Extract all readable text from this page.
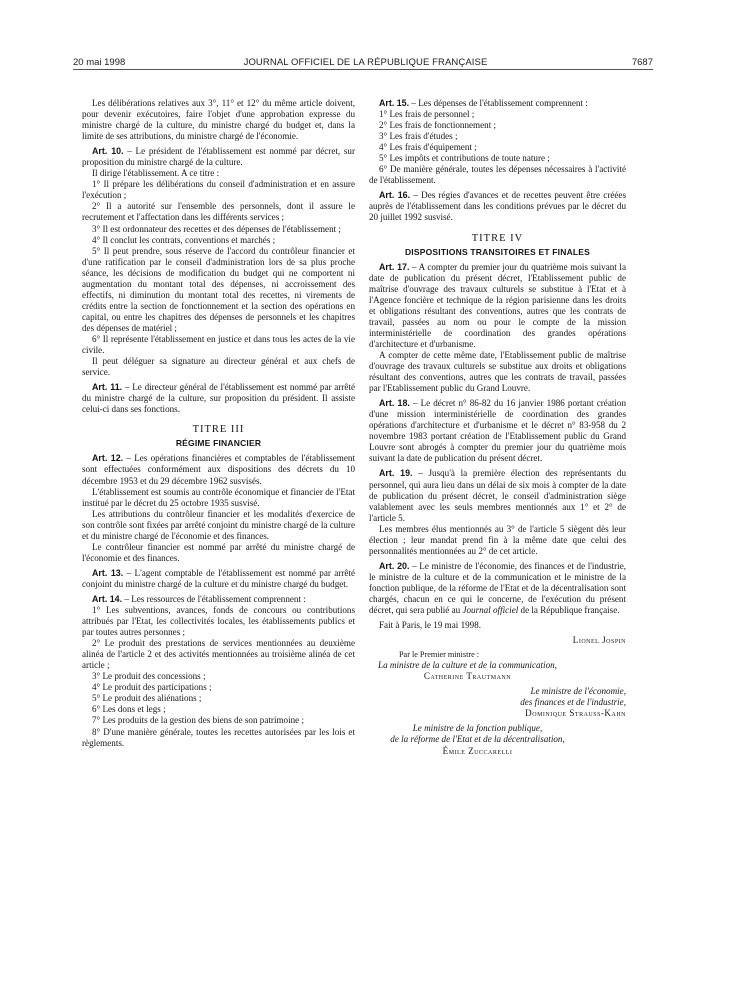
20 mai 1998	JOURNAL OFFICIEL DE LA RÉPUBLIQUE FRANÇAISE	7687

Les délibérations relatives aux 3°, 11° et 12° du même article doivent, pour devenir exécutoires, faire l'objet d'une approbation expresse du ministre chargé de la culture, du ministre chargé du budget et, dans la limite de ses attributions, du ministre chargé de l'économie.

Art. 10. – Le président de l'établissement est nommé par décret, sur proposition du ministre chargé de la culture.

Il dirige l'établissement. A ce titre :

1° Il prépare les délibérations du conseil d'administration et en assure l'exécution ;

2° Il a autorité sur l'ensemble des personnels, dont il assure le recrutement et l'affectation dans les différents services ;

3° Il est ordonnateur des recettes et des dépenses de l'établissement ;

4° Il conclut les contrats, conventions et marchés ;

5° Il peut prendre, sous réserve de l'accord du contrôleur financier et d'une ratification par le conseil d'administration lors de sa plus proche séance, les décisions de modification du budget qui ne comportent ni augmentation du montant total des dépenses, ni accroissement des effectifs, ni diminution du montant total des recettes, ni virements de crédits entre la section de fonctionnement et la section des opérations en capital, ou entre les chapitres des dépenses de personnels et les chapitres des dépenses de matériel ;

6° Il représente l'établissement en justice et dans tous les actes de la vie civile.

Il peut déléguer sa signature au directeur général et aux chefs de service.

Art. 11. – Le directeur général de l'établissement est nommé par arrêté du ministre chargé de la culture, sur proposition du président. Il assiste celui-ci dans ses fonctions.

TITRE III
RÉGIME FINANCIER

Art. 12. – Les opérations financières et comptables de l'établissement sont effectuées conformément aux dispositions des décrets du 10 décembre 1953 et du 29 décembre 1962 susvisés.

L'établissement est soumis au contrôle économique et financier de l'Etat institué par le décret du 25 octobre 1935 susvisé.

Les attributions du contrôleur financier et les modalités d'exercice de son contrôle sont fixées par arrêté conjoint du ministre chargé de la culture et du ministre chargé de l'économie et des finances.

Le contrôleur financier est nommé par arrêté du ministre chargé de l'économie et des finances.

Art. 13. – L'agent comptable de l'établissement est nommé par arrêté conjoint du ministre chargé de la culture et du ministre chargé du budget.

Art. 14. – Les ressources de l'établissement comprennent :

1° Les subventions, avances, fonds de concours ou contributions attribués par l'Etat, les collectivités locales, les établissements publics et par toutes autres personnes ;

2° Le produit des prestations de services mentionnées au deuxième alinéa de l'article 2 et des activités mentionnées au troisième alinéa de cet article ;

3° Le produit des concessions ;

4° Le produit des participations ;

5° Le produit des aliénations ;

6° Les dons et legs ;

7° Les produits de la gestion des biens de son patrimoine ;

8° D'une manière générale, toutes les recettes autorisées par les lois et règlements.

Art. 15. – Les dépenses de l'établissement comprennent :

1° Les frais de personnel ;

2° Les frais de fonctionnement ;

3° Les frais d'études ;

4° Les frais d'équipement ;

5° Les impôts et contributions de toute nature ;

6° De manière générale, toutes les dépenses nécessaires à l'activité de l'établissement.

Art. 16. – Des régies d'avances et de recettes peuvent être créées auprès de l'établissement dans les conditions prévues par le décret du 20 juillet 1992 susvisé.

TITRE IV
DISPOSITIONS TRANSITOIRES ET FINALES

Art. 17. – A compter du premier jour du quatrième mois suivant la date de publication du présent décret, l'Etablissement public de maîtrise d'ouvrage des travaux culturels se substitue à l'Etat et à l'Agence foncière et technique de la région parisienne dans les droits et obligations résultant des conventions, autres que les contrats de travail, passées au nom ou pour le compte de la mission interministérielle de coordination des grandes opérations d'architecture et d'urbanisme.

A compter de cette même date, l'Etablissement public de maîtrise d'ouvrage des travaux culturels se substitue aux droits et obligations résultant des conventions, autres que les contrats de travail, passées par l'Etablissement public du Grand Louvre.

Art. 18. – Le décret n° 86-82 du 16 janvier 1986 portant création d'une mission interministérielle de coordination des grandes opérations d'architecture et d'urbanisme et le décret n° 83-958 du 2 novembre 1983 portant création de l'Etablissement public du Grand Louvre sont abrogés à compter du premier jour du quatrième mois suivant la date de publication du présent décret.

Art. 19. – Jusqu'à la première élection des représentants du personnel, qui aura lieu dans un délai de six mois à compter de la date de publication du présent décret, le conseil d'administration siège valablement avec les seuls membres mentionnés aux 1° et 2° de l'article 5.

Les membres élus mentionnés au 3° de l'article 5 siègent dès leur élection ; leur mandat prend fin à la même date que celui des personnalités mentionnées au 2° de cet article.

Art. 20. – Le ministre de l'économie, des finances et de l'industrie, le ministre de la culture et de la communication et le ministre de la fonction publique, de la réforme de l'Etat et de la décentralisation sont chargés, chacun en ce qui le concerne, de l'exécution du présent décret, qui sera publié au Journal officiel de la République française.

Fait à Paris, le 19 mai 1998.

Lionel Jospin
Par le Premier ministre :
La ministre de la culture et de la communication,
Catherine Trautmann
Le ministre de l'économie,
des finances et de l'industrie,
Dominique Strauss-Kahn
Le ministre de la fonction publique,
de la réforme de l'Etat et de la décentralisation,
Émile Zuccarelli
